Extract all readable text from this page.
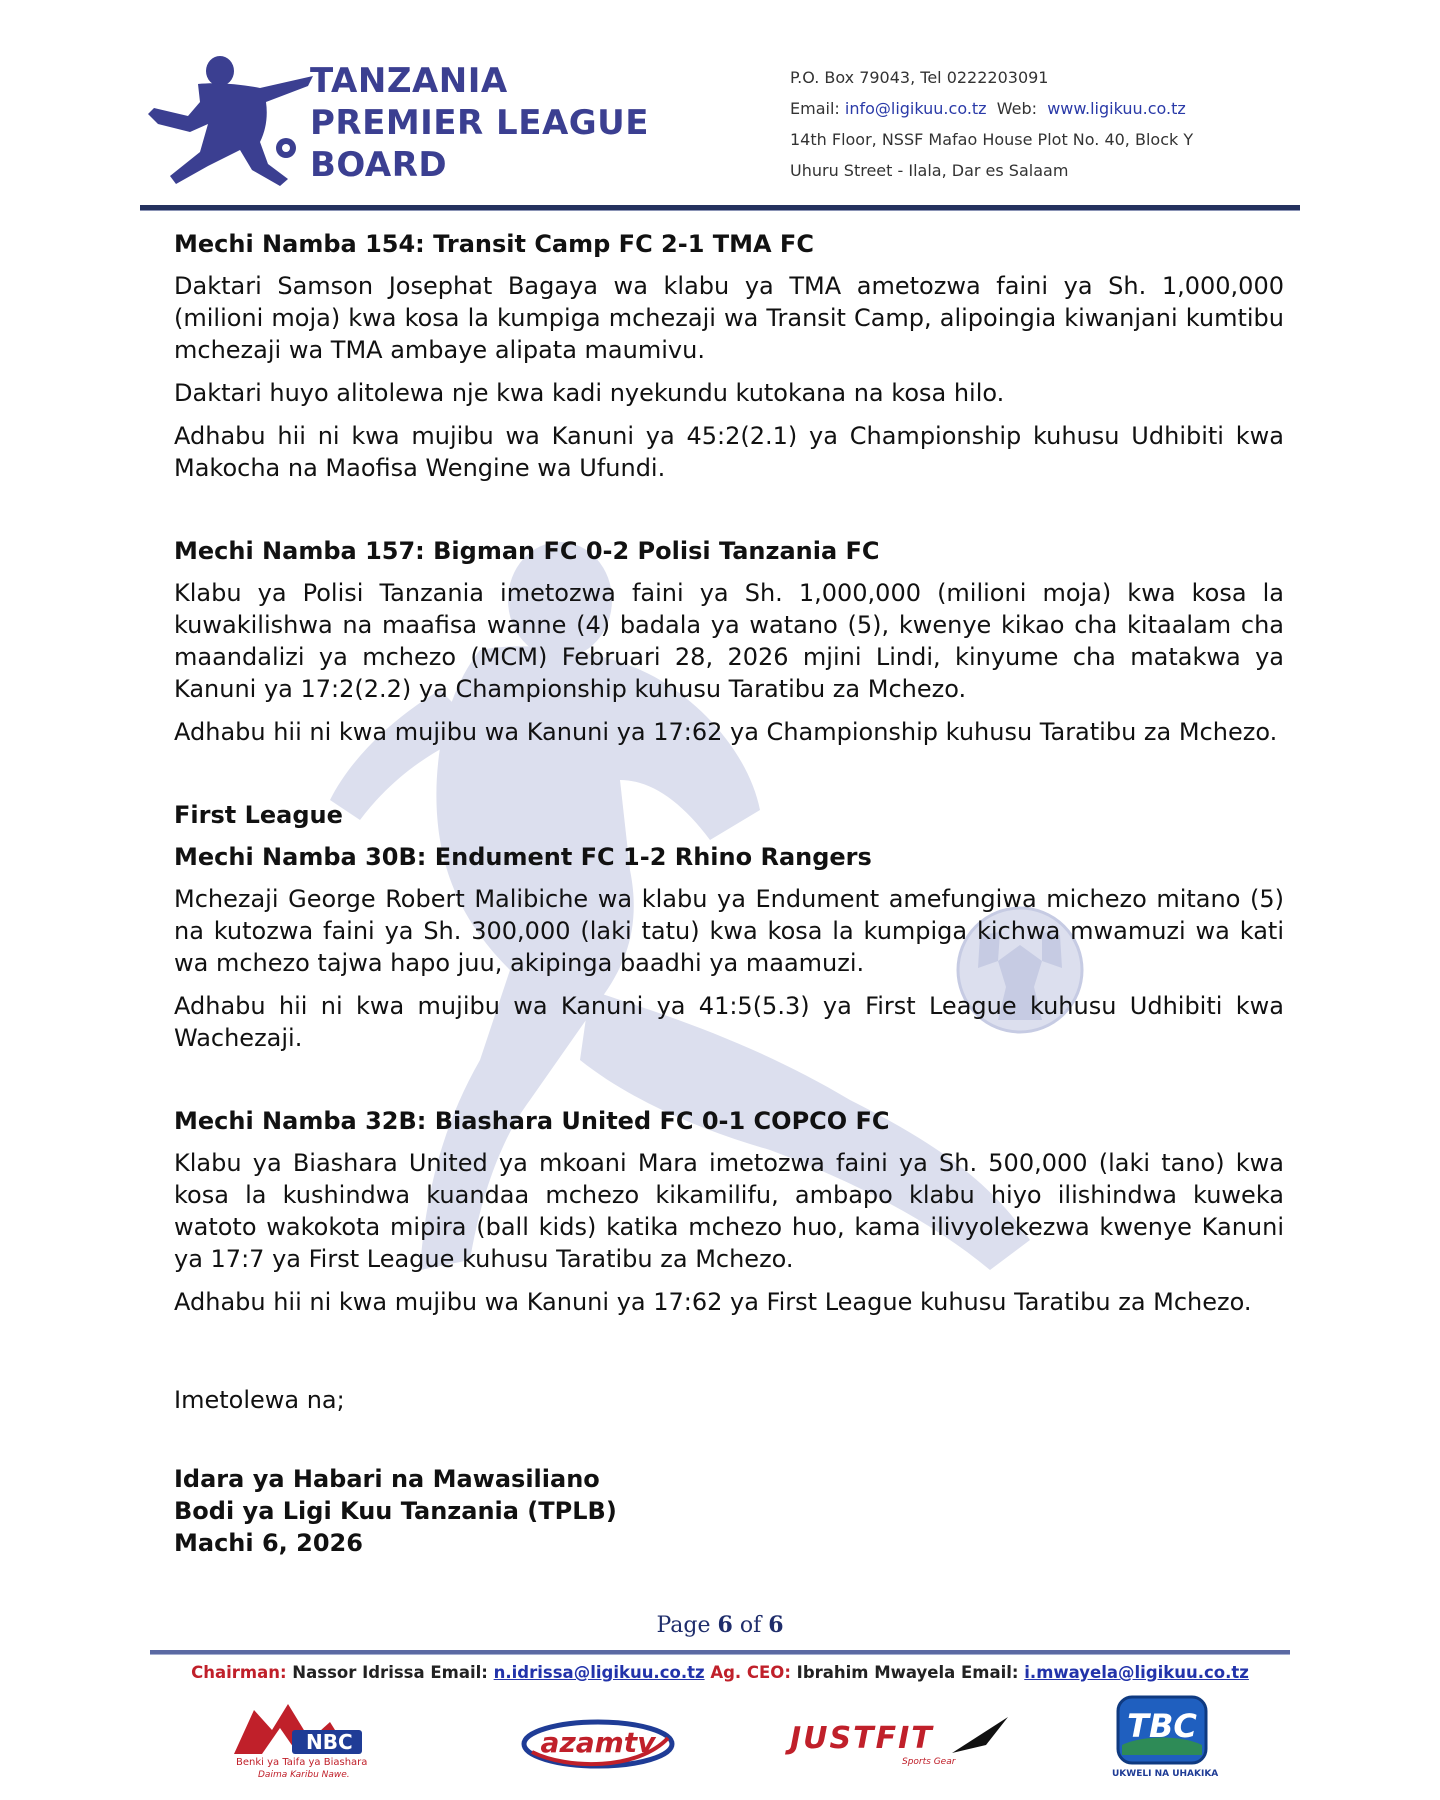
TANZANIA
PREMIER LEAGUE
BOARD
P.O. Box 79043, Tel 0222203091
Email: info@ligikuu.co.tz  Web:  www.ligikuu.co.tz
14th Floor, NSSF Mafao House Plot No. 40, Block Y
Uhuru Street - Ilala, Dar es Salaam
Mechi Namba 154: Transit Camp FC 2-1 TMA FC

Daktari Samson Josephat Bagaya wa klabu ya TMA ametozwa faini ya Sh. 1,000,000 (milioni moja) kwa kosa la kumpiga mchezaji wa Transit Camp, alipoingia kiwanjani kumtibu mchezaji wa TMA ambaye alipata maumivu.

Daktari huyo alitolewa nje kwa kadi nyekundu kutokana na kosa hilo.

Adhabu hii ni kwa mujibu wa Kanuni ya 45:2(2.1) ya Championship kuhusu Udhibiti kwa Makocha na Maofisa Wengine wa Ufundi.

Mechi Namba 157: Bigman FC 0-2 Polisi Tanzania FC

Klabu ya Polisi Tanzania imetozwa faini ya Sh. 1,000,000 (milioni moja) kwa kosa la kuwakilishwa na maafisa wanne (4) badala ya watano (5), kwenye kikao cha kitaalam cha maandalizi ya mchezo (MCM) Februari 28, 2026 mjini Lindi, kinyume cha matakwa ya Kanuni ya 17:2(2.2) ya Championship kuhusu Taratibu za Mchezo.

Adhabu hii ni kwa mujibu wa Kanuni ya 17:62 ya Championship kuhusu Taratibu za Mchezo.

First League
Mechi Namba 30B: Endument FC 1-2 Rhino Rangers

Mchezaji George Robert Malibiche wa klabu ya Endument amefungiwa michezo mitano (5) na kutozwa faini ya Sh. 300,000 (laki tatu) kwa kosa la kumpiga kichwa mwamuzi wa kati wa mchezo tajwa hapo juu, akipinga baadhi ya maamuzi.

Adhabu hii ni kwa mujibu wa Kanuni ya 41:5(5.3) ya First League kuhusu Udhibiti kwa Wachezaji.

Mechi Namba 32B: Biashara United FC 0-1 COPCO FC

Klabu ya Biashara United ya mkoani Mara imetozwa faini ya Sh. 500,000 (laki tano) kwa kosa la kushindwa kuandaa mchezo kikamilifu, ambapo klabu hiyo ilishindwa kuweka watoto wakokota mipira (ball kids) katika mchezo huo, kama ilivyolekezwa kwenye Kanuni ya 17:7 ya First League kuhusu Taratibu za Mchezo.

Adhabu hii ni kwa mujibu wa Kanuni ya 17:62 ya First League kuhusu Taratibu za Mchezo.

Imetolewa na;
Idara ya Habari na Mawasiliano
Bodi ya Ligi Kuu Tanzania (TPLB)
Machi 6, 2026
Page 6 of 6
Chairman: Nassor Idrissa Email: n.idrissa@ligikuu.co.tz Ag. CEO: Ibrahim Mwayela Email: i.mwayela@ligikuu.co.tz
NBC
Benki ya Taifa ya Biashara
Daima Karibu Nawe.
azamtv	JUSTFIT
Sports Gear
TBC
UKWELI NA UHAKIKA
